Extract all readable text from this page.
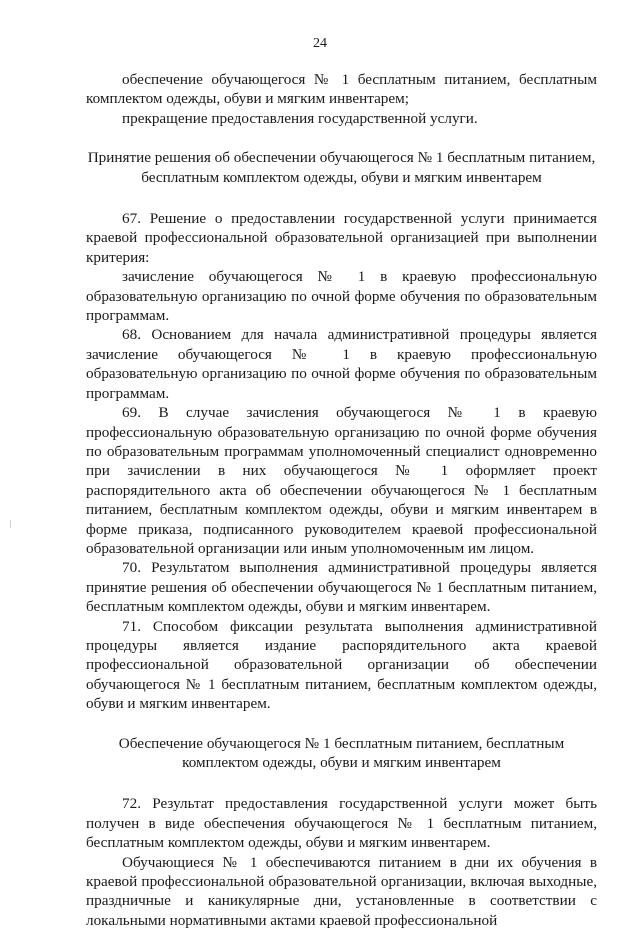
24

обеспечение обучающегося № 1 бесплатным питанием, бесплатным комплектом одежды, обуви и мягким инвентарем;

прекращение предоставления государственной услуги.

Принятие решения об обеспечении обучающегося № 1 бесплатным питанием, бесплатным комплектом одежды, обуви и мягким инвентарем

67. Решение о предоставлении государственной услуги принимается краевой профессиональной образовательной организацией при выполнении критерия:

зачисление обучающегося № 1 в краевую профессиональную образовательную организацию по очной форме обучения по образовательным программам.

68. Основанием для начала административной процедуры является зачисление обучающегося № 1 в краевую профессиональную образовательную организацию по очной форме обучения по образовательным программам.

69. В случае зачисления обучающегося № 1 в краевую профессиональную образовательную организацию по очной форме обучения по образовательным программам уполномоченный специалист одновременно при зачислении в них обучающегося № 1 оформляет проект распорядительного акта об обеспечении обучающегося № 1 бесплатным питанием, бесплатным комплектом одежды, обуви и мягким инвентарем в форме приказа, подписанного руководителем краевой профессиональной образовательной организации или иным уполномоченным им лицом.

70. Результатом выполнения административной процедуры является принятие решения об обеспечении обучающегося № 1 бесплатным питанием, бесплатным комплектом одежды, обуви и мягким инвентарем.

71. Способом фиксации результата выполнения административной процедуры является издание распорядительного акта краевой профессиональной образовательной организации об обеспечении обучающегося № 1 бесплатным питанием, бесплатным комплектом одежды, обуви и мягким инвентарем.

Обеспечение обучающегося № 1 бесплатным питанием, бесплатным комплектом одежды, обуви и мягким инвентарем

72. Результат предоставления государственной услуги может быть получен в виде обеспечения обучающегося № 1 бесплатным питанием, бесплатным комплектом одежды, обуви и мягким инвентарем.

Обучающиеся № 1 обеспечиваются питанием в дни их обучения в краевой профессиональной образовательной организации, включая выходные, праздничные и каникулярные дни, установленные в соответствии с локальными нормативными актами краевой профессиональной
